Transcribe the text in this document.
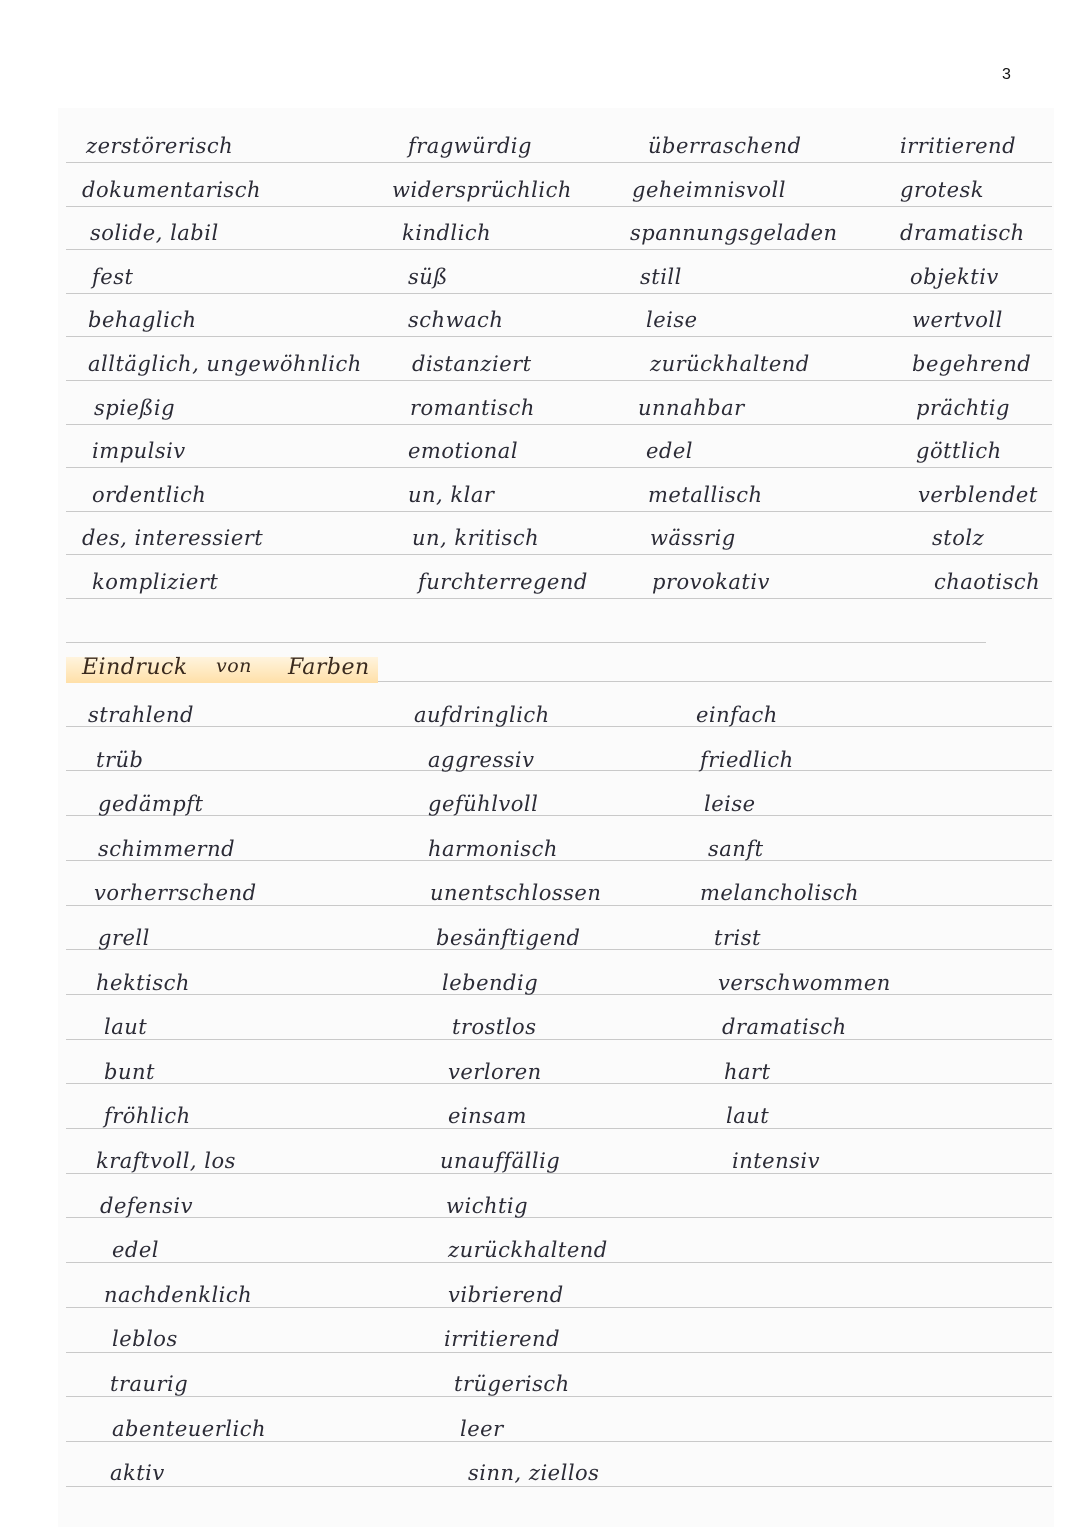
3
zerstörerisch
dokumentarisch
solide, labil
fest
behaglich
alltäglich, ungewöhnlich
spießig
impulsiv
ordentlich
des, interessiert
kompliziert
fragwürdig
widersprüchlich
kindlich
süß
schwach
distanziert
romantisch
emotional
un, klar
un, kritisch
furchterregend
überraschend
geheimnisvoll
spannungsgeladen
still
leise
zurückhaltend
unnahbar
edel
metallisch
wässrig
provokativ
irritierend
grotesk
dramatisch
objektiv
wertvoll
begehrend
prächtig
göttlich
verblendet
stolz
chaotisch
Eindruck von Farben
strahlend
trüb
gedämpft
schimmernd
vorherrschend
grell
hektisch
laut
bunt
fröhlich
kraftvoll, los
defensiv
edel
nachdenklich
leblos
traurig
abenteuerlich
aktiv
aufdringlich
aggressiv
gefühlvoll
harmonisch
unentschlossen
besänftigend
lebendig
trostlos
verloren
einsam
unauffällig
wichtig
zurückhaltend
vibrierend
irritierend
trügerisch
leer
sinn, ziellos
einfach
friedlich
leise
sanft
melancholisch
trist
verschwommen
dramatisch
hart
laut
intensiv
